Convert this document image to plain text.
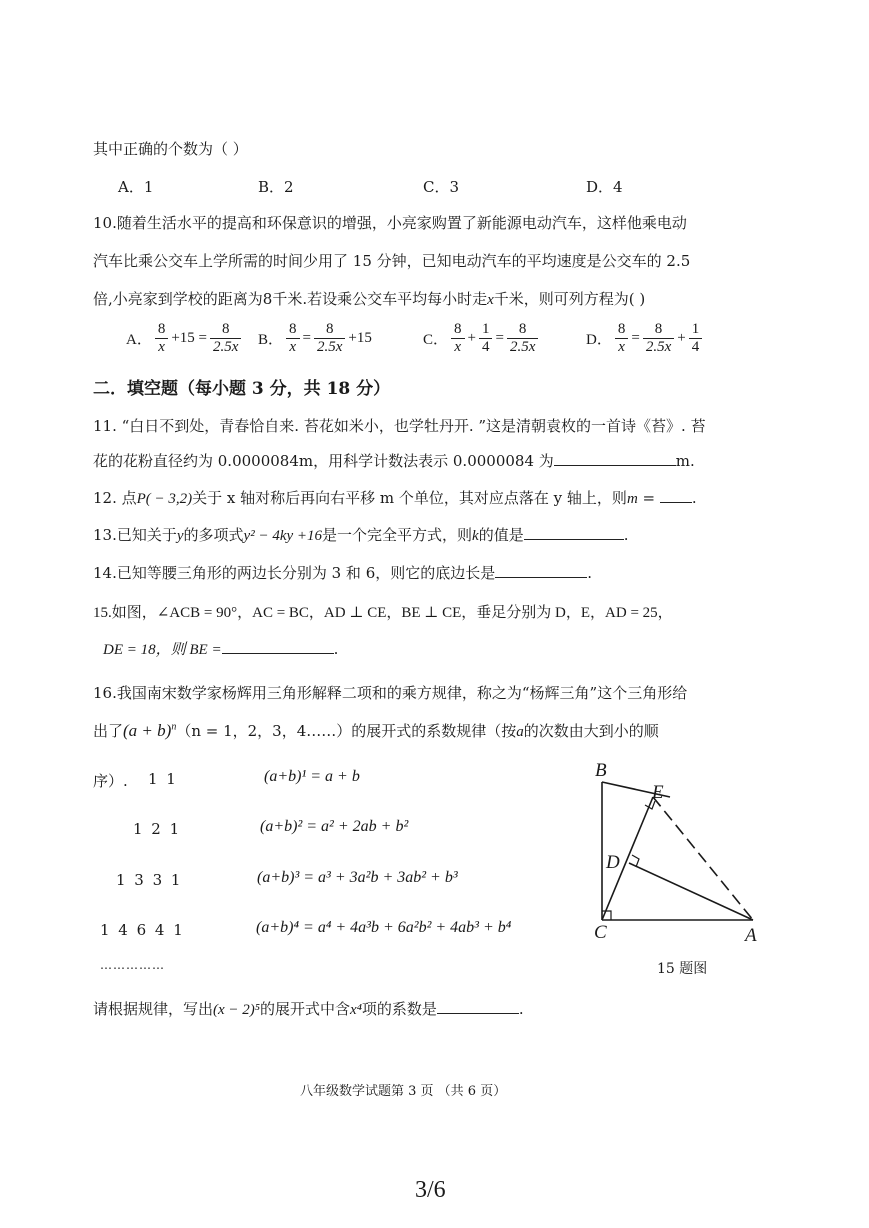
其中正确的个数为（ ）
A．1	B．2	C．3	D．4
10.随着生活水平的提高和环保意识的增强，小亮家购置了新能源电动汽车，这样他乘电动
汽车比乘公交车上学所需的时间少用了 15 分钟，已知电动汽车的平均速度是公交车的 2.5
倍,小亮家到学校的距离为8千米.若设乘公交车平均每小时走x千米，则可列方程为( )
A． $\frac{8}{x} +15 = \frac{8}{2.5x}$ B． $\frac{8}{x} = \frac{8}{2.5x} +15$	C． $\frac{8}{x} + \frac{1}{4} = \frac{8}{2.5x}$	D． $\frac{8}{x} = \frac{8}{2.5x} + \frac{1}{4}$
二．填空题（每小题 3 分，共 18 分）
11. “白日不到处，青春恰自来. 苔花如米小，也学牡丹开. ”这是清朝袁枚的一首诗《苔》. 苔
花的花粉直径约为 0.0000084m，用科学计数法表示 0.0000084 为	m.
12. 点P( − 3,2)关于 x 轴对称后再向右平移 m 个单位，其对应点落在 y 轴上，则m = .
13.已知关于y的多项式y² − 4ky +16是一个完全平方式，则k的值是	.
14.已知等腰三角形的两边长分别为 3 和 6，则它的底边长是	.
15.如图，∠ACB = 90°，AC = BC，AD ⊥ CE，BE ⊥ CE，垂足分别为 D，E，AD = 25，
DE = 18，则 BE =	.
16.我国南宋数学家杨辉用三角形解释二项和的乘方规律，称之为“杨辉三角”这个三角形给
出了$(a + b)^n(n = 1$，2，3，4……）的展开式的系数规律（按a的次数由大到小的顺
序）. 1 1	(a+b)¹ = a + b
1 2 1	(a+b)² = a² + 2ab + b²
1 3 3 1	(a+b)³ = a³ + 3a²b + 3ab² + b³
1 4 6 4 1	(a+b)⁴ = a⁴ + 4a³b + 6a²b² + 4ab³ + b⁴
……………
请根据规律，写出(x − 2)⁵的展开式中含x⁴项的系数是	.
B
E
D
C	A
15 题图
八年级数学试题第 3 页 （共 6 页）
3/6
